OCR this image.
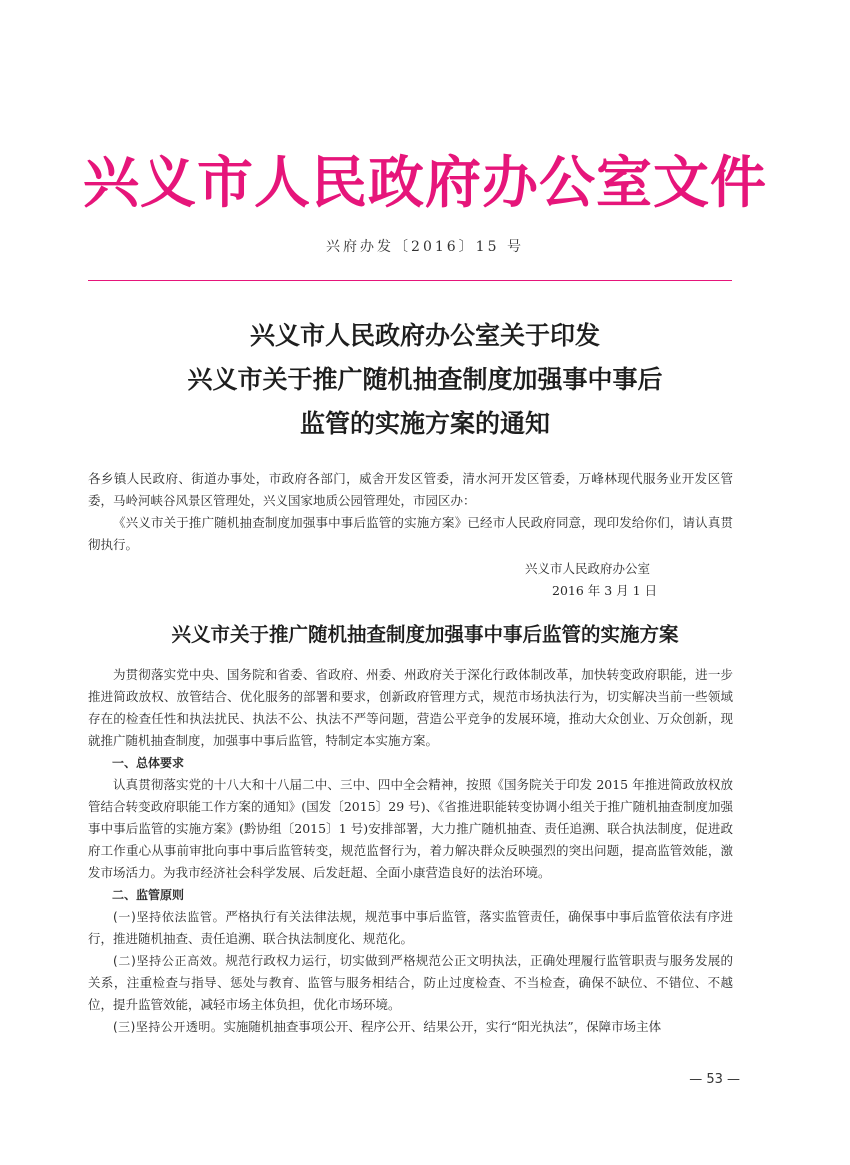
兴义市人民政府办公室文件
兴府办发〔2016〕15 号
兴义市人民政府办公室关于印发
兴义市关于推广随机抽查制度加强事中事后
监管的实施方案的通知
各乡镇人民政府、街道办事处，市政府各部门，威舍开发区管委，清水河开发区管委，万峰林现代服务业开发区管委，马岭河峡谷风景区管理处，兴义国家地质公园管理处，市园区办：
《兴义市关于推广随机抽查制度加强事中事后监管的实施方案》已经市人民政府同意，现印发给你们，请认真贯彻执行。
兴义市人民政府办公室
2016 年 3 月 1 日
兴义市关于推广随机抽查制度加强事中事后监管的实施方案
为贯彻落实党中央、国务院和省委、省政府、州委、州政府关于深化行政体制改革，加快转变政府职能，进一步推进简政放权、放管结合、优化服务的部署和要求，创新政府管理方式，规范市场执法行为，切实解决当前一些领域存在的检查任性和执法扰民、执法不公、执法不严等问题，营造公平竞争的发展环境，推动大众创业、万众创新，现就推广随机抽查制度，加强事中事后监管，特制定本实施方案。
一、总体要求
认真贯彻落实党的十八大和十八届二中、三中、四中全会精神，按照《国务院关于印发 2015 年推进简政放权放管结合转变政府职能工作方案的通知》(国发〔2015〕29 号)、《省推进职能转变协调小组关于推广随机抽查制度加强事中事后监管的实施方案》(黔协组〔2015〕1 号)安排部署，大力推广随机抽查、责任追溯、联合执法制度，促进政府工作重心从事前审批向事中事后监管转变，规范监督行为，着力解决群众反映强烈的突出问题，提高监管效能，激发市场活力。为我市经济社会科学发展、后发赶超、全面小康营造良好的法治环境。
二、监管原则
(一)坚持依法监管。严格执行有关法律法规，规范事中事后监管，落实监管责任，确保事中事后监管依法有序进行，推进随机抽查、责任追溯、联合执法制度化、规范化。
(二)坚持公正高效。规范行政权力运行，切实做到严格规范公正文明执法，正确处理履行监管职责与服务发展的关系，注重检查与指导、惩处与教育、监管与服务相结合，防止过度检查、不当检查，确保不缺位、不错位、不越位，提升监管效能，减轻市场主体负担，优化市场环境。
(三)坚持公开透明。实施随机抽查事项公开、程序公开、结果公开，实行“阳光执法”，保障市场主体
— 53 —
